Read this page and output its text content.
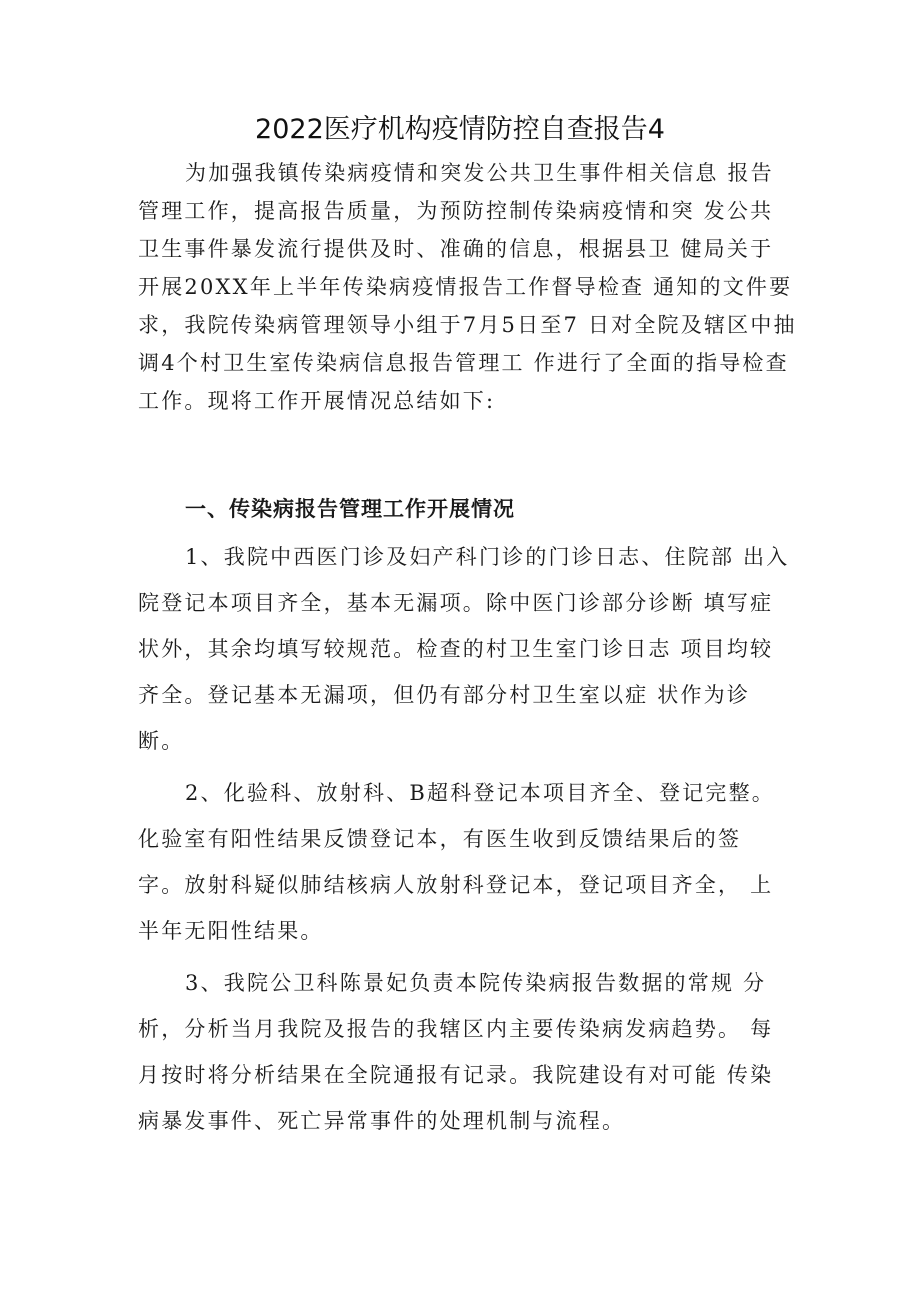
2022医疗机构疫情防控自查报告4
为加强我镇传染病疫情和突发公共卫生事件相关信息 报告
管理工作，提高报告质量，为预防控制传染病疫情和突 发公共
卫生事件暴发流行提供及时、准确的信息，根据县卫 健局关于
开展20XX年上半年传染病疫情报告工作督导检查 通知的文件要
求，我院传染病管理领导小组于7月5日至7 日对全院及辖区中抽
调4个村卫生室传染病信息报告管理工 作进行了全面的指导检查
工作。现将工作开展情况总结如下:
一、传染病报告管理工作开展情况
1、我院中西医门诊及妇产科门诊的门诊日志、住院部 出入
院登记本项目齐全，基本无漏项。除中医门诊部分诊断 填写症
状外，其余均填写较规范。检查的村卫生室门诊日志 项目均较
齐全。登记基本无漏项，但仍有部分村卫生室以症 状作为诊
断。
2、化验科、放射科、B超科登记本项目齐全、登记完整。
化验室有阳性结果反馈登记本，有医生收到反馈结果后的签
字。放射科疑似肺结核病人放射科登记本，登记项目齐全， 上
半年无阳性结果。
3、我院公卫科陈景妃负责本院传染病报告数据的常规 分
析，分析当月我院及报告的我辖区内主要传染病发病趋势。 每
月按时将分析结果在全院通报有记录。我院建设有对可能 传染
病暴发事件、死亡异常事件的处理机制与流程。
